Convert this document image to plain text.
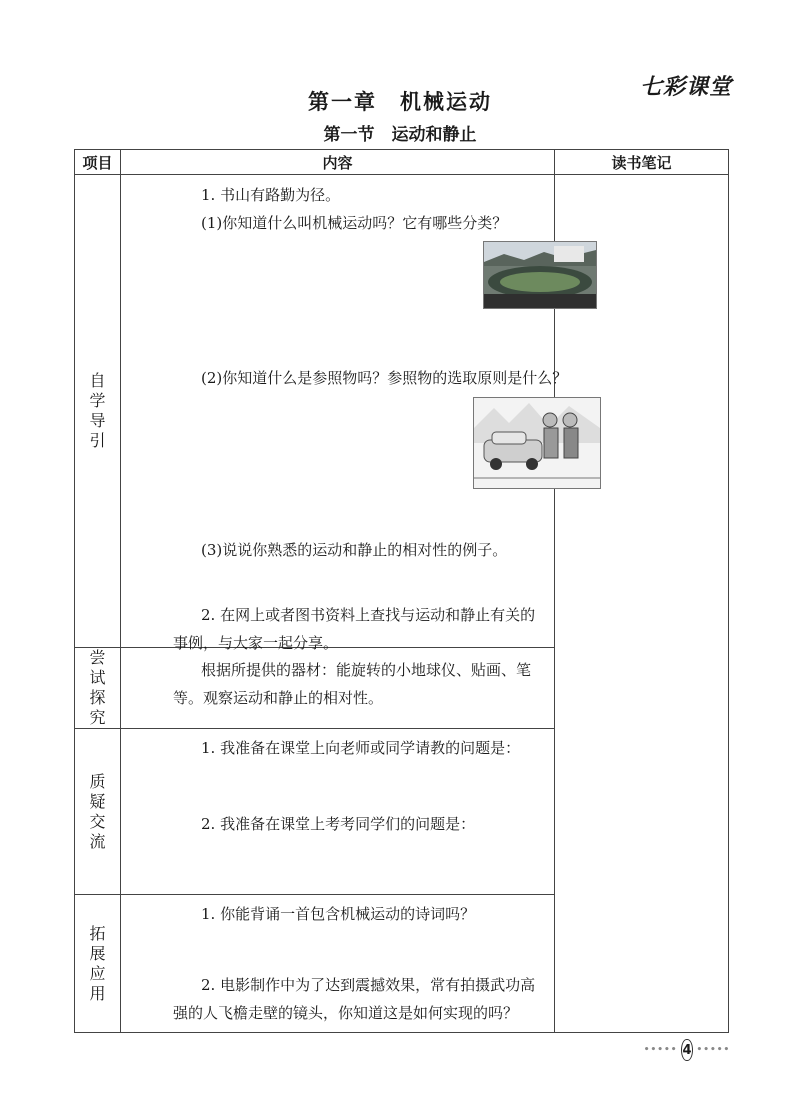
七彩课堂
第一章　机械运动
第一节　运动和静止
项目	内容	读书笔记
自学导引	1. 书山有路勤为径。
(1)你知道什么叫机械运动吗？它有哪些分类？
(2)你知道什么是参照物吗？参照物的选取原则是什么？
(3)说说你熟悉的运动和静止的相对性的例子。
2. 在网上或者图书资料上查找与运动和静止有关的事例，与大家一起分享。	

尝试探究	根据所提供的器材：能旋转的小地球仪、贴画、笔等。观察运动和静止的相对性。	

质疑交流	1. 我准备在课堂上向老师或同学请教的问题是：
2. 我准备在课堂上考考同学们的问题是：	

拓展应用	1. 你能背诵一首包含机械运动的诗词吗？
2. 电影制作中为了达到震撼效果，常有拍摄武功高强的人飞檐走壁的镜头，你知道这是如何实现的吗？	
••••• 4 •••••
